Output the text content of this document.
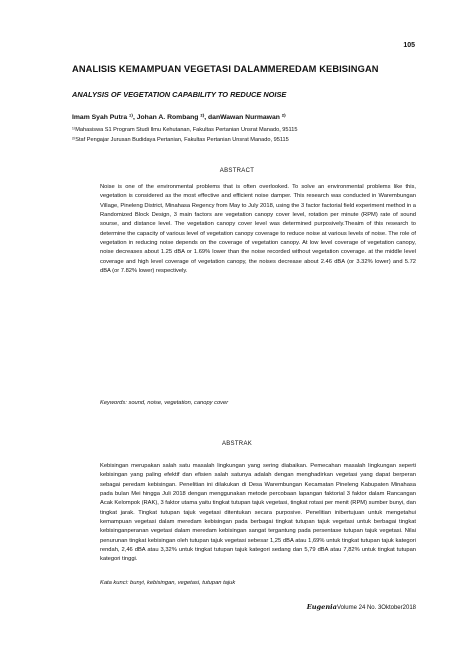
105
ANALISIS KEMAMPUAN VEGETASI DALAMMEREDAM KEBISINGAN
ANALYSIS OF VEGETATION CAPABILITY TO REDUCE NOISE
Imam Syah Putra ¹⁾, Johan A. Rombang ²⁾, danWawan Nurmawan ²⁾
¹⁾Mahasiswa S1 Program Studi Ilmu Kehutanan, Fakultas Pertanian Unsrat Manado, 95115
²⁾Staf Pengajar Jurusan Budidaya Pertanian, Fakultas Pertanian Unsrat Manado, 95115
ABSTRACT
Noise is one of the environmental problems that is often overlooked. To solve an environmental problems like this, vegetation is considered as the most effective and efficient noise damper. This research was conducted in Warembungan Village, Pineleng District, Minahasa Regency from May to July 2018, using the 3 factor factorial field experiment method in a Randomized Block Design, 3 main factors are vegetation canopy cover level, rotation per minute (RPM) rate of sound sourse, and distance level. The vegetation canopy cover level was determined purposively.Theaim of this research to determine the capacity of various level of vegetation canopy coverage to reduce noise at various levels of noise. The role of vegetation in reducing noise depends on the coverage of vegetation canopy. At low level coverage of vegetation canopy, noise decreases about 1.25 dBA or 1.69% lower than the noise recorded without vegetation coverage. at the middle level coverage and high level coverage of vegetation canopy, the noises decrease about 2.46 dBA (or 3.32% lower) and 5.72 dBA (or 7.82% lower) respectively.
Keywords: sound, noise, vegetation, canopy cover
ABSTRAK
Kebisingan merupakan salah satu masalah lingkungan yang sering diabaikan. Pemecahan masalah lingkungan seperti kebisingan yang paling efektif dan efisien salah satunya adalah dengan menghadirkan vegetasi yang dapat berperan sebagai peredam kebisingan. Penelitian ini dilakukan di Desa Warembungan Kecamatan Pineleng Kabupaten Minahasa pada bulan Mei hingga Juli 2018 dengan menggunakan metode percobaan lapangan faktorial 3 faktor dalam Rancangan Acak Kelompok (RAK), 3 faktor utama yaitu tingkat tutupan tajuk vegetasi, tingkat rotasi per menit (RPM) sumber bunyi, dan tingkat jarak. Tingkat tutupan tajuk vegetasi ditentukan secara purposive. Penelitian inibertujuan untuk mengetahui kemampuan vegetasi dalam meredam kebisingan pada berbagai tingkat tutupan tajuk vegetasi untuk berbagai tingkat kebisinganperanan vegetasi dalam meredam kebisingan sangat tergantung pada persentase tutupan tajuk vegetasi. Nilai penurunan tingkat kebisingan oleh tutupan tajuk vegetasi sebesar 1,25 dBA atau 1,69% untuk tingkat tutupan tajuk kategori rendah, 2,46 dBA atau 3,32% untuk tingkat tutupan tajuk kategori sedang dan 5,79 dBA atau 7,82% untuk tingkat tutupan kategori tinggi.
Kata kunci: bunyi, kebisingan, vegetasi, tutupan tajuk
EugeniaVolume 24 No. 3Oktober2018
